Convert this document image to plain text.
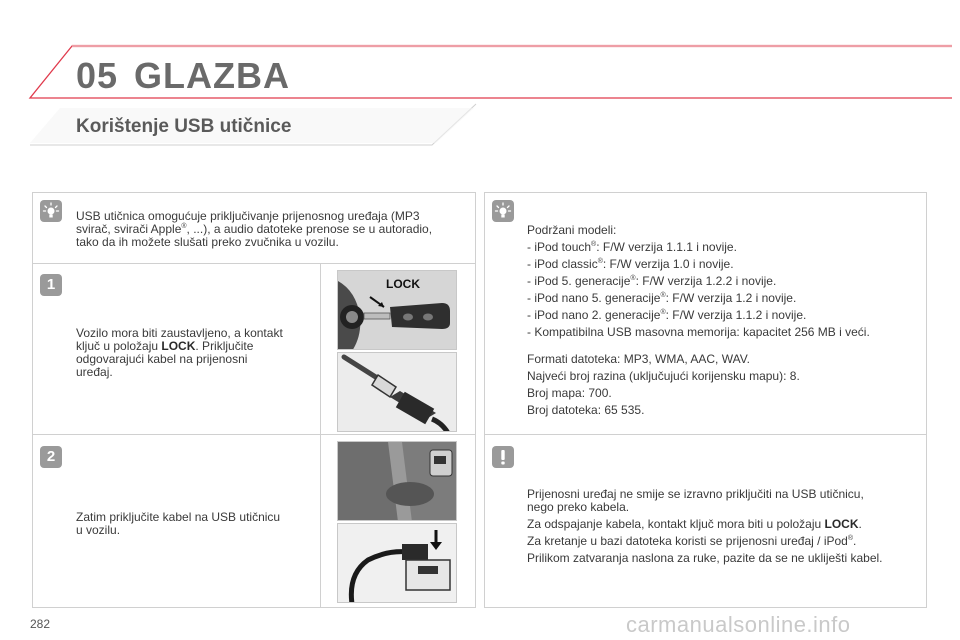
05 GLAZBA
Korištenje USB utičnice
USB utičnica omogućuje priključivanje prijenosnog uređaja (MP3
svirač, svirači Apple®, ...), a audio datoteke prenose se u autoradio,
tako da ih možete slušati preko zvučnika u vozilu.
1
Vozilo mora biti zaustavljeno, a kontakt
ključ u položaju LOCK. Priključite
odgovarajući kabel na prijenosni
uređaj.
LOCK
2
Zatim priključite kabel na USB utičnicu
u vozilu.
Podržani modeli:
- iPod touch®: F/W verzija 1.1.1 i novije.
- iPod classic®: F/W verzija 1.0 i novije.
- iPod 5. generacije®: F/W verzija 1.2.2 i novije.
- iPod nano 5. generacije®: F/W verzija 1.2 i novije.
- iPod nano 2. generacije®: F/W verzija 1.1.2 i novije.
- Kompatibilna USB masovna memorija: kapacitet 256 MB i veći.
Formati datoteka: MP3, WMA, AAC, WAV.
Najveći broj razina (uključujući korijensku mapu): 8.
Broj mapa: 700.
Broj datoteka: 65 535.
Prijenosni uređaj ne smije se izravno priključiti na USB utičnicu,
nego preko kabela.
Za odspajanje kabela, kontakt ključ mora biti u položaju LOCK.
Za kretanje u bazi datoteka koristi se prijenosni uređaj / iPod®.
Prilikom zatvaranja naslona za ruke, pazite da se ne ukliješti kabel.
282	carmanualsonline.info
